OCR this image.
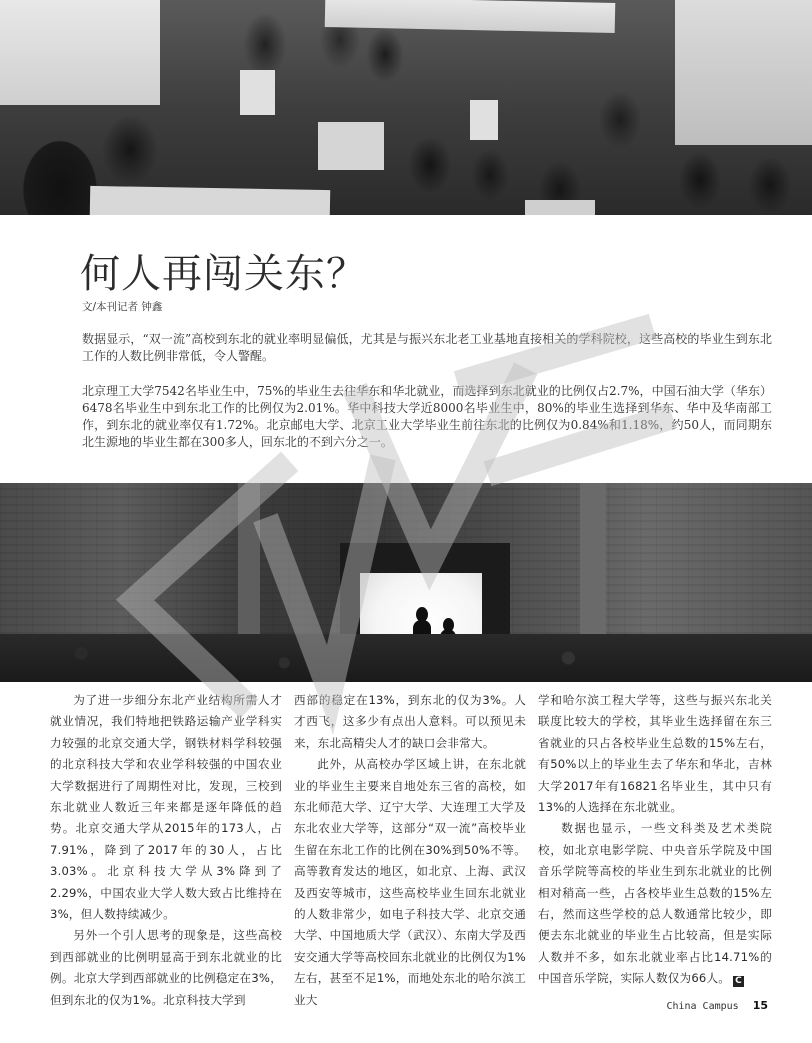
何人再闯关东？
文/本刊记者 钟鑫

数据显示，“双一流”高校到东北的就业率明显偏低，尤其是与振兴东北老工业基地直接相关的学科院校，这些高校的毕业生到东北工作的人数比例非常低，令人警醒。

北京理工大学7542名毕业生中，75%的毕业生去往华东和华北就业，而选择到东北就业的比例仅占2.7%，中国石油大学（华东）6478名毕业生中到东北工作的比例仅为2.01%。华中科技大学近8000名毕业生中，80%的毕业生选择到华东、华中及华南部工作，到东北的就业率仅有1.72%。北京邮电大学、北京工业大学毕业生前往东北的比例仅为0.84%和1.18%，约50人，而同期东北生源地的毕业生都在300多人，回东北的不到六分之一。

为了进一步细分东北产业结构所需人才就业情况，我们特地把铁路运输产业学科实力较强的北京交通大学，钢铁材料学科较强的北京科技大学和农业学科较强的中国农业大学数据进行了周期性对比，发现，三校到东北就业人数近三年来都是逐年降低的趋势。北京交通大学从2015年的173人，占7.91%，降到了2017年的30人，占比3.03%。北京科技大学从3%降到了2.29%，中国农业大学人数大致占比维持在3%，但人数持续减少。

另外一个引人思考的现象是，这些高校到西部就业的比例明显高于到东北就业的比例。北京大学到西部就业的比例稳定在3%，但到东北的仅为1%。北京科技大学到

西部的稳定在13%，到东北的仅为3%。人才西飞，这多少有点出人意料。可以预见未来，东北高精尖人才的缺口会非常大。

此外，从高校办学区域上讲，在东北就业的毕业生主要来自地处东三省的高校，如东北师范大学、辽宁大学、大连理工大学及东北农业大学等，这部分“双一流”高校毕业生留在东北工作的比例在30%到50%不等。高等教育发达的地区，如北京、上海、武汉及西安等城市，这些高校毕业生回东北就业的人数非常少，如电子科技大学、北京交通大学、中国地质大学（武汉）、东南大学及西安交通大学等高校回东北就业的比例仅为1%左右，甚至不足1%，而地处东北的哈尔滨工业大

学和哈尔滨工程大学等，这些与振兴东北关联度比较大的学校，其毕业生选择留在东三省就业的只占各校毕业生总数的15%左右，有50%以上的毕业生去了华东和华北，吉林大学2017年有16821名毕业生，其中只有13%的人选择在东北就业。

数据也显示，一些文科类及艺术类院校，如北京电影学院、中央音乐学院及中国音乐学院等高校的毕业生到东北就业的比例相对稍高一些，占各校毕业生总数的15%左右，然而这些学校的总人数通常比较少，即便去东北就业的毕业生占比较高，但是实际人数并不多，如东北就业率占比14.71%的中国音乐学院，实际人数仅为66人。 C

China Campus 15
